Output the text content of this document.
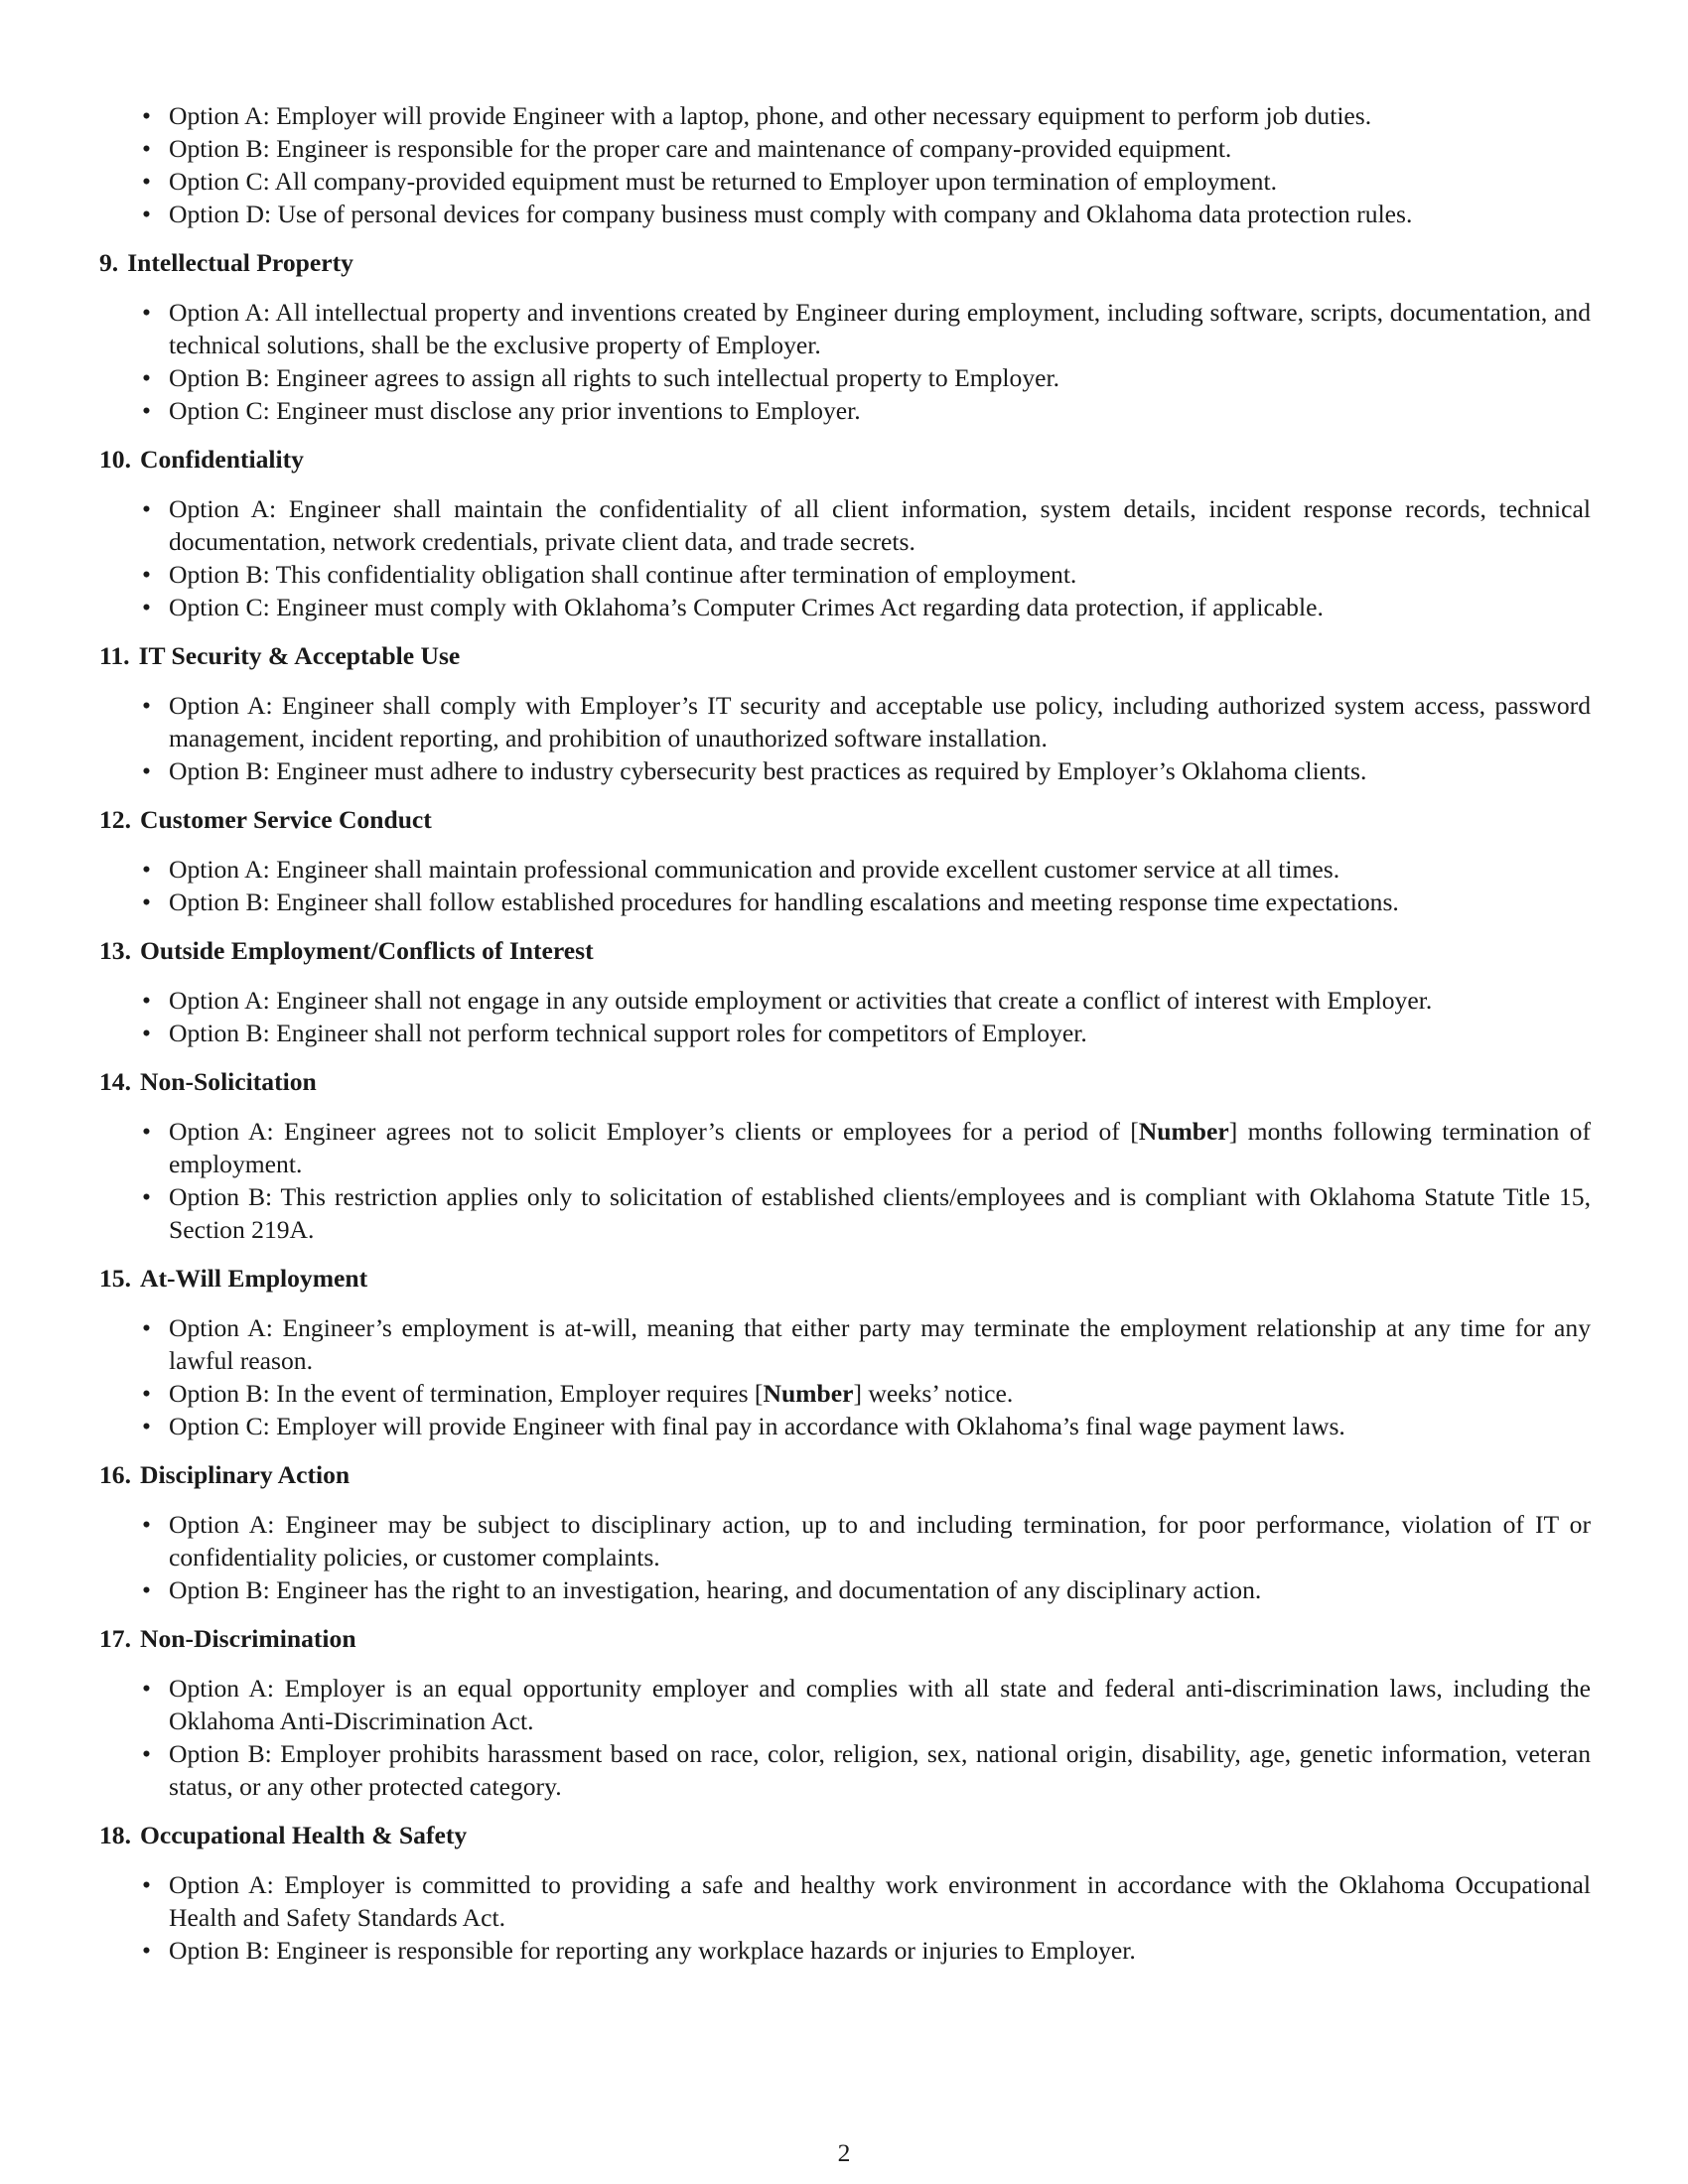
• Option A: Employer will provide Engineer with a laptop, phone, and other necessary equipment to perform job duties.
• Option B: Engineer is responsible for the proper care and maintenance of company-provided equipment.
• Option C: All company-provided equipment must be returned to Employer upon termination of employment.
• Option D: Use of personal devices for company business must comply with company and Oklahoma data protection rules.
9. Intellectual Property
• Option A: All intellectual property and inventions created by Engineer during employment, including software, scripts, documentation, and technical solutions, shall be the exclusive property of Employer.
• Option B: Engineer agrees to assign all rights to such intellectual property to Employer.
• Option C: Engineer must disclose any prior inventions to Employer.
10. Confidentiality
• Option A: Engineer shall maintain the confidentiality of all client information, system details, incident response records, technical documentation, network credentials, private client data, and trade secrets.
• Option B: This confidentiality obligation shall continue after termination of employment.
• Option C: Engineer must comply with Oklahoma’s Computer Crimes Act regarding data protection, if applicable.
11. IT Security & Acceptable Use
• Option A: Engineer shall comply with Employer’s IT security and acceptable use policy, including authorized system access, password management, incident reporting, and prohibition of unauthorized software installation.
• Option B: Engineer must adhere to industry cybersecurity best practices as required by Employer’s Oklahoma clients.
12. Customer Service Conduct
• Option A: Engineer shall maintain professional communication and provide excellent customer service at all times.
• Option B: Engineer shall follow established procedures for handling escalations and meeting response time expectations.
13. Outside Employment/Conflicts of Interest
• Option A: Engineer shall not engage in any outside employment or activities that create a conflict of interest with Employer.
• Option B: Engineer shall not perform technical support roles for competitors of Employer.
14. Non-Solicitation
• Option A: Engineer agrees not to solicit Employer’s clients or employees for a period of [Number] months following termination of employment.
• Option B: This restriction applies only to solicitation of established clients/employees and is compliant with Oklahoma Statute Title 15, Section 219A.
15. At-Will Employment
• Option A: Engineer’s employment is at-will, meaning that either party may terminate the employment relationship at any time for any lawful reason.
• Option B: In the event of termination, Employer requires [Number] weeks’ notice.
• Option C: Employer will provide Engineer with final pay in accordance with Oklahoma’s final wage payment laws.
16. Disciplinary Action
• Option A: Engineer may be subject to disciplinary action, up to and including termination, for poor performance, violation of IT or confidentiality policies, or customer complaints.
• Option B: Engineer has the right to an investigation, hearing, and documentation of any disciplinary action.
17. Non-Discrimination
• Option A: Employer is an equal opportunity employer and complies with all state and federal anti-discrimination laws, including the Oklahoma Anti-Discrimination Act.
• Option B: Employer prohibits harassment based on race, color, religion, sex, national origin, disability, age, genetic information, veteran status, or any other protected category.
18. Occupational Health & Safety
• Option A: Employer is committed to providing a safe and healthy work environment in accordance with the Oklahoma Occupational Health and Safety Standards Act.
• Option B: Engineer is responsible for reporting any workplace hazards or injuries to Employer.
2
